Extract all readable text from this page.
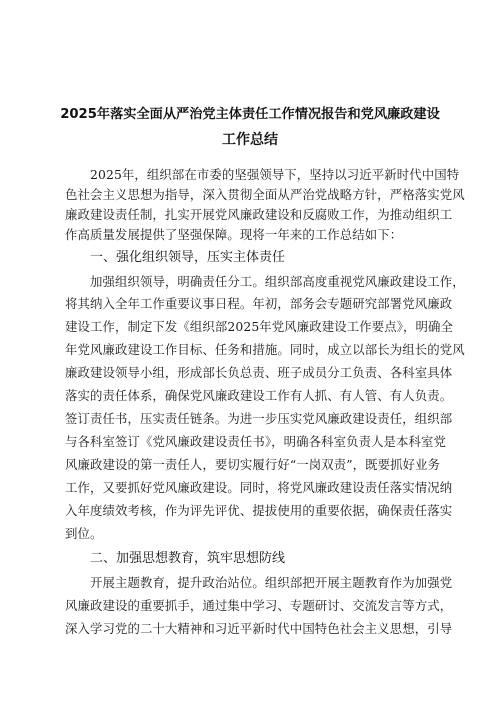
2025年落实全面从严治党主体责任工作情况报告和党风廉政建设
工作总结
2025年，组织部在市委的坚强领导下，坚持以习近平新时代中国特
色社会主义思想为指导，深入贯彻全面从严治党战略方针，严格落实党风
廉政建设责任制，扎实开展党风廉政建设和反腐败工作，为推动组织工
作高质量发展提供了坚强保障。现将一年来的工作总结如下：
一、强化组织领导，压实主体责任
加强组织领导，明确责任分工。组织部高度重视党风廉政建设工作，
将其纳入全年工作重要议事日程。年初，部务会专题研究部署党风廉政
建设工作，制定下发《组织部2025年党风廉政建设工作要点》，明确全
年党风廉政建设工作目标、任务和措施。同时，成立以部长为组长的党风
廉政建设领导小组，形成部长负总责、班子成员分工负责、各科室具体
落实的责任体系，确保党风廉政建设工作有人抓、有人管、有人负责。
签订责任书，压实责任链条。为进一步压实党风廉政建设责任，组织部
与各科室签订《党风廉政建设责任书》，明确各科室负责人是本科室党
风廉政建设的第一责任人，要切实履行好“一岗双责”，既要抓好业务
工作，又要抓好党风廉政建设。同时，将党风廉政建设责任落实情况纳
入年度绩效考核，作为评先评优、提拔使用的重要依据，确保责任落实
到位。
二、加强思想教育，筑牢思想防线
开展主题教育，提升政治站位。组织部把开展主题教育作为加强党
风廉政建设的重要抓手，通过集中学习、专题研讨、交流发言等方式，
深入学习党的二十大精神和习近平新时代中国特色社会主义思想，引导
